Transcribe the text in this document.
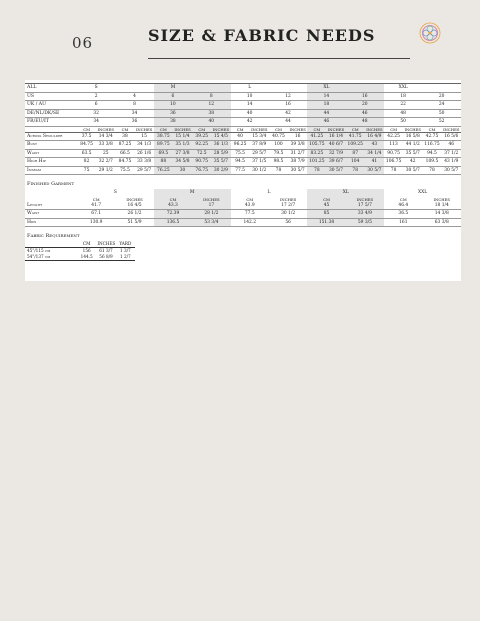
06	SIZE & FABRIC NEEDS
ALL	S				M				L				XL				XXL			
US	2		4		6		8		10		12		14		16		18		20	
UK / AU	6		8		10		12		14		16		18		20		22		24	
DE/NL/DK/SE	32		34		36		38		40		42		44		46		48		50	
FR/EU/IT	34		36		38		40		42		44		46		48		50		52	
	CM	INCHES	CM	INCHES	CM	INCHES	CM	INCHES	CM	INCHES	CM	INCHES	CM	INCHES	CM	INCHES	CM	INCHES	CM	INCHES
Across Shoulder	37.5	14 3/4	38	15	38.75	15 1/4	39.25	15 4/5	40	15 3/4	40.75	16	41.25	16 1/4	41.75	16 4/9	42.25	16 5/8	42.75	16 5/6
Bust	84.75	33 3/8	87.25	34 1/3	89.75	35 1/3	92.25	36 1/3	96.25	37 8/9	100	39 3/8	105.75	40 6/7	109.25	43	113	44 1/2	116.75	46
Waist	63.5	25	66.5	26 1/6	69.5	27 3/8	72.5	28 5/9	75.5	29 5/7	79.5	31 2/7	83.25	32 7/9	87	34 1/4	90.75	35 5/7	94.5	37 1/2
High Hip	82	32 2/7	84.75	33 3/8	88	34 5/8	90.75	35 5/7	94.5	37 1/5	98.5	38 7/9	101.25	39 6/7	104	41	106.75	42	109.5	43 1/9
Inseam	75	29 1/2	75.5	29 5/7	76.25	30	76.75	30 2/9	77.5	30 1/2	78	30 5/7	78	30 5/7	78	30 5/7	78	30 5/7	78	30 5/7
Finished Garment
	S		M		L		XL		XXL	
	CM	INCHES	CM	INCHES	CM	INCHES	CM	INCHES	CM	INCHES
Length	41.7	16 4/5	43.3	17	43.9	17 2/7	45	17 5/7	46.4	18 1/4
Waist	67.1	26 1/2	72.39	28 1/2	77.5	30 1/2	85	33 4/9	36.5	14 3/8
Hips	130.9	51 5/9	136.5	53 3/4	142.2	56	151.38	59 3/5	161	63 3/8
Fabric Requirement
	CM	INCHES	YARD
45"/115 cm	156	61 3/7	1 3/7
54"/137 cm	144.5	56 8/9	1 2/7
